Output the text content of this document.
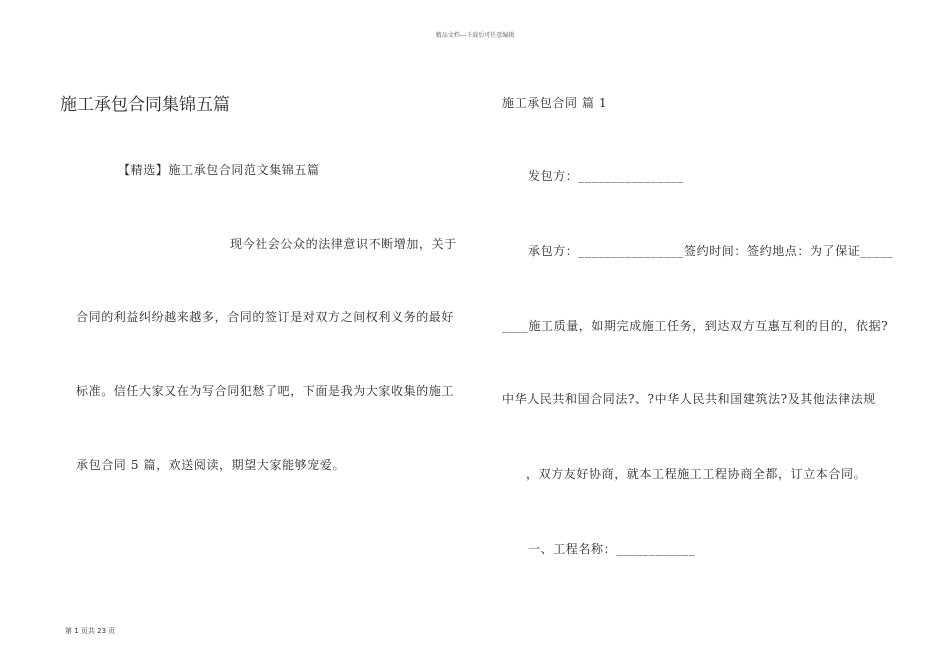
精品文档---下载后可任意编辑
施工承包合同集锦五篇
【精选】施工承包合同范文集锦五篇
现今社会公众的法律意识不断增加，关于
合同的利益纠纷越来越多，合同的签订是对双方之间权利义务的最好
标准。信任大家又在为写合同犯愁了吧，下面是我为大家收集的施工
承包合同 5 篇，欢送阅读，期望大家能够宠爱。
施工承包合同 篇 1
发包方：________________
承包方：________________签约时间：签约地点：为了保证_____
____施工质量，如期完成施工任务，到达双方互惠互利的目的，依据?
中华人民共和国合同法?、?中华人民共和国建筑法?及其他法律法规
，双方友好协商，就本工程施工工程协商全都，订立本合同。
一、工程名称：____________
第 1 页共 23 页
